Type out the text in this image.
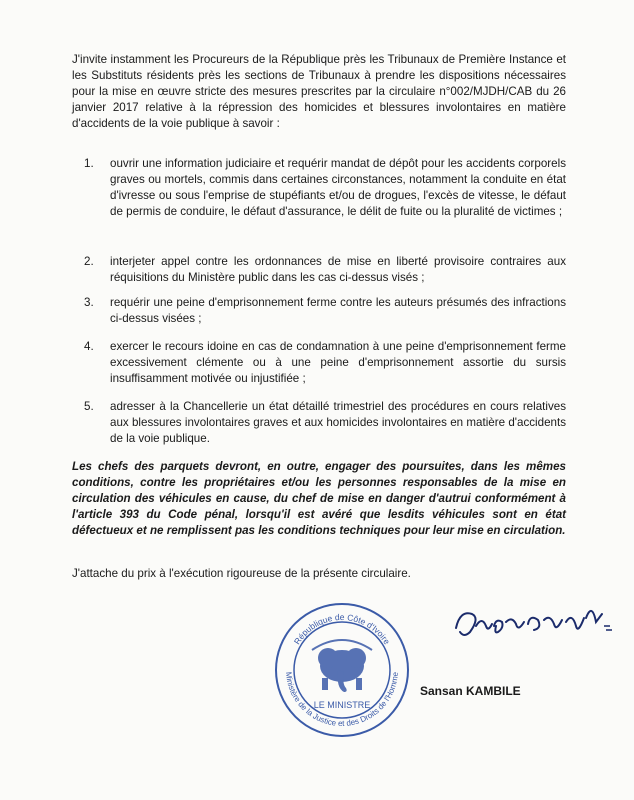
J'invite instamment les Procureurs de la République près les Tribunaux de Première Instance et les Substituts résidents près les sections de Tribunaux à prendre les dispositions nécessaires pour la mise en œuvre stricte des mesures prescrites par la circulaire n°002/MJDH/CAB du 26 janvier 2017 relative à la répression des homicides et blessures involontaires en matière d'accidents de la voie publique à savoir :

1.	ouvrir une information judiciaire et requérir mandat de dépôt pour les accidents corporels graves ou mortels, commis dans certaines circonstances, notamment la conduite en état d'ivresse ou sous l'emprise de stupéfiants et/ou de drogues, l'excès de vitesse, le défaut de permis de conduire, le défaut d'assurance, le délit de fuite ou la pluralité de victimes ;
2.	interjeter appel contre les ordonnances de mise en liberté provisoire contraires aux réquisitions du Ministère public dans les cas ci-dessus visés ;
3.	requérir une peine d'emprisonnement ferme contre les auteurs présumés des infractions ci-dessus visées ;
4.	exercer le recours idoine en cas de condamnation à une peine d'emprisonnement ferme excessivement clémente ou à une peine d'emprisonnement assortie du sursis insuffisamment motivée ou injustifiée ;
5.	adresser à la Chancellerie un état détaillé trimestriel des procédures en cours relatives aux blessures involontaires graves et aux homicides involontaires en matière d'accidents de la voie publique.

Les chefs des parquets devront, en outre, engager des poursuites, dans les mêmes conditions, contre les propriétaires et/ou les personnes responsables de la mise en circulation des véhicules en cause, du chef de mise en danger d'autrui conformément à l'article 393 du Code pénal, lorsqu'il est avéré que lesdits véhicules sont en état défectueux et ne remplissent pas les conditions techniques pour leur mise en circulation.

J'attache du prix à l'exécution rigoureuse de la présente circulaire.

République de Côte d'Ivoire
Ministère de la Justice et des Droits de l'Homme
LE MINISTRE
Sansan KAMBILE
